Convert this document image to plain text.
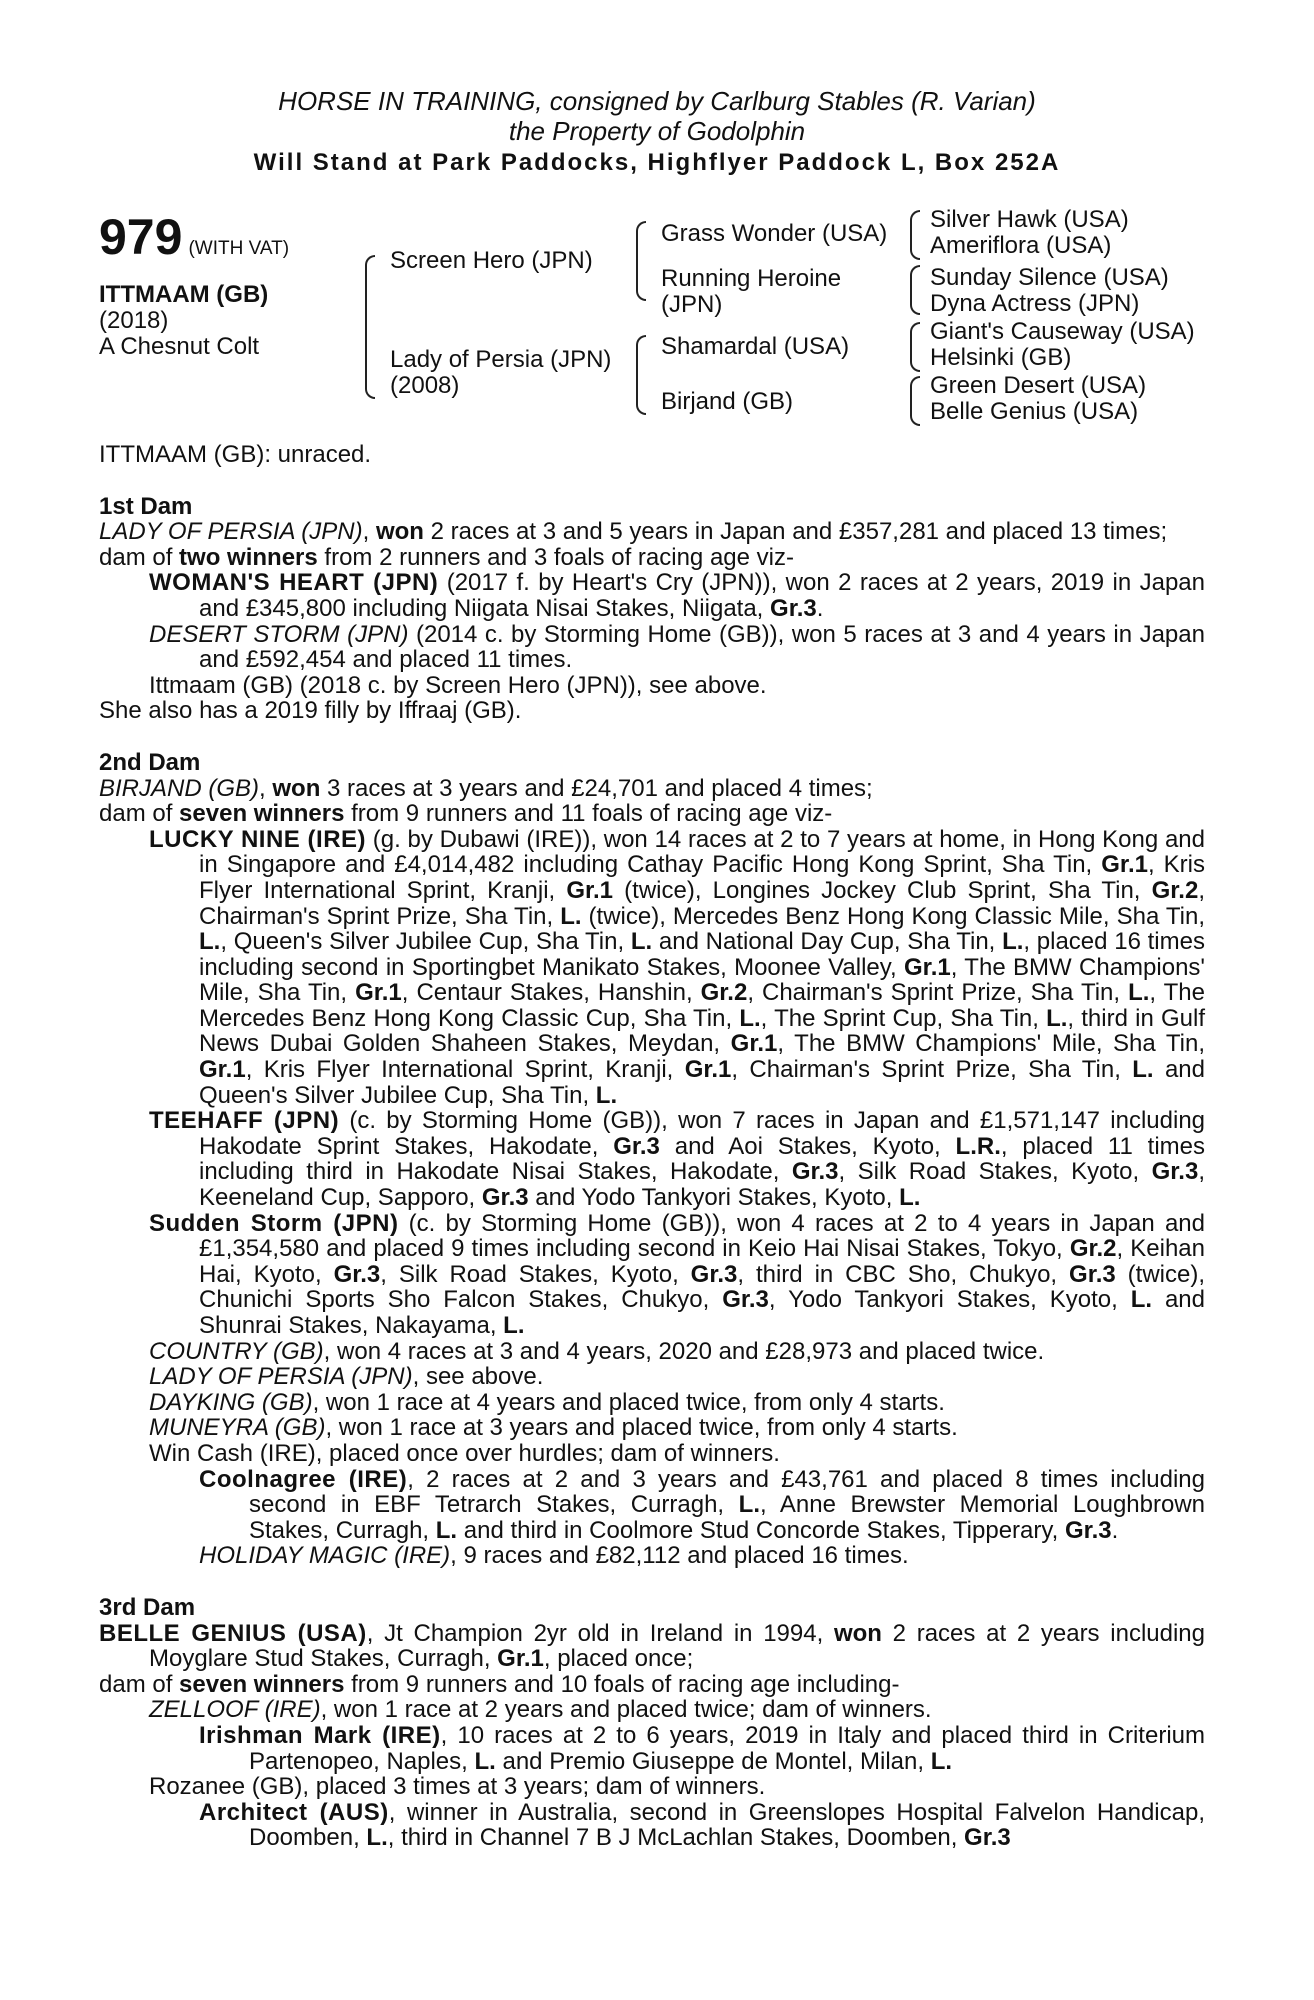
HORSE IN TRAINING, consigned by Carlburg Stables (R. Varian)
the Property of Godolphin
Will Stand at Park Paddocks, Highflyer Paddock L, Box 252A
979 (WITH VAT)
ITTMAAM (GB)
(2018)
A Chesnut Colt
Screen Hero (JPN)
Lady of Persia (JPN)
(2008)
Grass Wonder (USA)
Running Heroine
(JPN)
Shamardal (USA)
Birjand (GB)
Silver Hawk (USA)
Ameriflora (USA)
Sunday Silence (USA)
Dyna Actress (JPN)
Giant's Causeway (USA)
Helsinki (GB)
Green Desert (USA)
Belle Genius (USA)
ITTMAAM (GB): unraced.
1st Dam
LADY OF PERSIA (JPN), won 2 races at 3 and 5 years in Japan and £357,281 and placed 13 times;
dam of two winners from 2 runners and 3 foals of racing age viz-
WOMAN'S HEART (JPN) (2017 f. by Heart's Cry (JPN)), won 2 races at 2 years, 2019 in Japan and £345,800 including Niigata Nisai Stakes, Niigata, Gr.3.
DESERT STORM (JPN) (2014 c. by Storming Home (GB)), won 5 races at 3 and 4 years in Japan and £592,454 and placed 11 times.
Ittmaam (GB) (2018 c. by Screen Hero (JPN)), see above.
She also has a 2019 filly by Iffraaj (GB).
2nd Dam
BIRJAND (GB), won 3 races at 3 years and £24,701 and placed 4 times;
dam of seven winners from 9 runners and 11 foals of racing age viz-
LUCKY NINE (IRE) (g. by Dubawi (IRE)), won 14 races at 2 to 7 years at home, in Hong Kong and in Singapore and £4,014,482 including Cathay Pacific Hong Kong Sprint, Sha Tin, Gr.1, Kris Flyer International Sprint, Kranji, Gr.1 (twice), Longines Jockey Club Sprint, Sha Tin, Gr.2, Chairman's Sprint Prize, Sha Tin, L. (twice), Mercedes Benz Hong Kong Classic Mile, Sha Tin, L., Queen's Silver Jubilee Cup, Sha Tin, L. and National Day Cup, Sha Tin, L., placed 16 times including second in Sportingbet Manikato Stakes, Moonee Valley, Gr.1, The BMW Champions' Mile, Sha Tin, Gr.1, Centaur Stakes, Hanshin, Gr.2, Chairman's Sprint Prize, Sha Tin, L., The Mercedes Benz Hong Kong Classic Cup, Sha Tin, L., The Sprint Cup, Sha Tin, L., third in Gulf News Dubai Golden Shaheen Stakes, Meydan, Gr.1, The BMW Champions' Mile, Sha Tin, Gr.1, Kris Flyer International Sprint, Kranji, Gr.1, Chairman's Sprint Prize, Sha Tin, L. and Queen's Silver Jubilee Cup, Sha Tin, L.
TEEHAFF (JPN) (c. by Storming Home (GB)), won 7 races in Japan and £1,571,147 including Hakodate Sprint Stakes, Hakodate, Gr.3 and Aoi Stakes, Kyoto, L.R., placed 11 times including third in Hakodate Nisai Stakes, Hakodate, Gr.3, Silk Road Stakes, Kyoto, Gr.3, Keeneland Cup, Sapporo, Gr.3 and Yodo Tankyori Stakes, Kyoto, L.
Sudden Storm (JPN) (c. by Storming Home (GB)), won 4 races at 2 to 4 years in Japan and £1,354,580 and placed 9 times including second in Keio Hai Nisai Stakes, Tokyo, Gr.2, Keihan Hai, Kyoto, Gr.3, Silk Road Stakes, Kyoto, Gr.3, third in CBC Sho, Chukyo, Gr.3 (twice), Chunichi Sports Sho Falcon Stakes, Chukyo, Gr.3, Yodo Tankyori Stakes, Kyoto, L. and Shunrai Stakes, Nakayama, L.
COUNTRY (GB), won 4 races at 3 and 4 years, 2020 and £28,973 and placed twice.
LADY OF PERSIA (JPN), see above.
DAYKING (GB), won 1 race at 4 years and placed twice, from only 4 starts.
MUNEYRA (GB), won 1 race at 3 years and placed twice, from only 4 starts.
Win Cash (IRE), placed once over hurdles; dam of winners.
Coolnagree (IRE), 2 races at 2 and 3 years and £43,761 and placed 8 times including second in EBF Tetrarch Stakes, Curragh, L., Anne Brewster Memorial Loughbrown Stakes, Curragh, L. and third in Coolmore Stud Concorde Stakes, Tipperary, Gr.3.
HOLIDAY MAGIC (IRE), 9 races and £82,112 and placed 16 times.
3rd Dam
BELLE GENIUS (USA), Jt Champion 2yr old in Ireland in 1994, won 2 races at 2 years including Moyglare Stud Stakes, Curragh, Gr.1, placed once;
dam of seven winners from 9 runners and 10 foals of racing age including-
ZELLOOF (IRE), won 1 race at 2 years and placed twice; dam of winners.
Irishman Mark (IRE), 10 races at 2 to 6 years, 2019 in Italy and placed third in Criterium Partenopeo, Naples, L. and Premio Giuseppe de Montel, Milan, L.
Rozanee (GB), placed 3 times at 3 years; dam of winners.
Architect (AUS), winner in Australia, second in Greenslopes Hospital Falvelon Handicap, Doomben, L., third in Channel 7 B J McLachlan Stakes, Doomben, Gr.3
